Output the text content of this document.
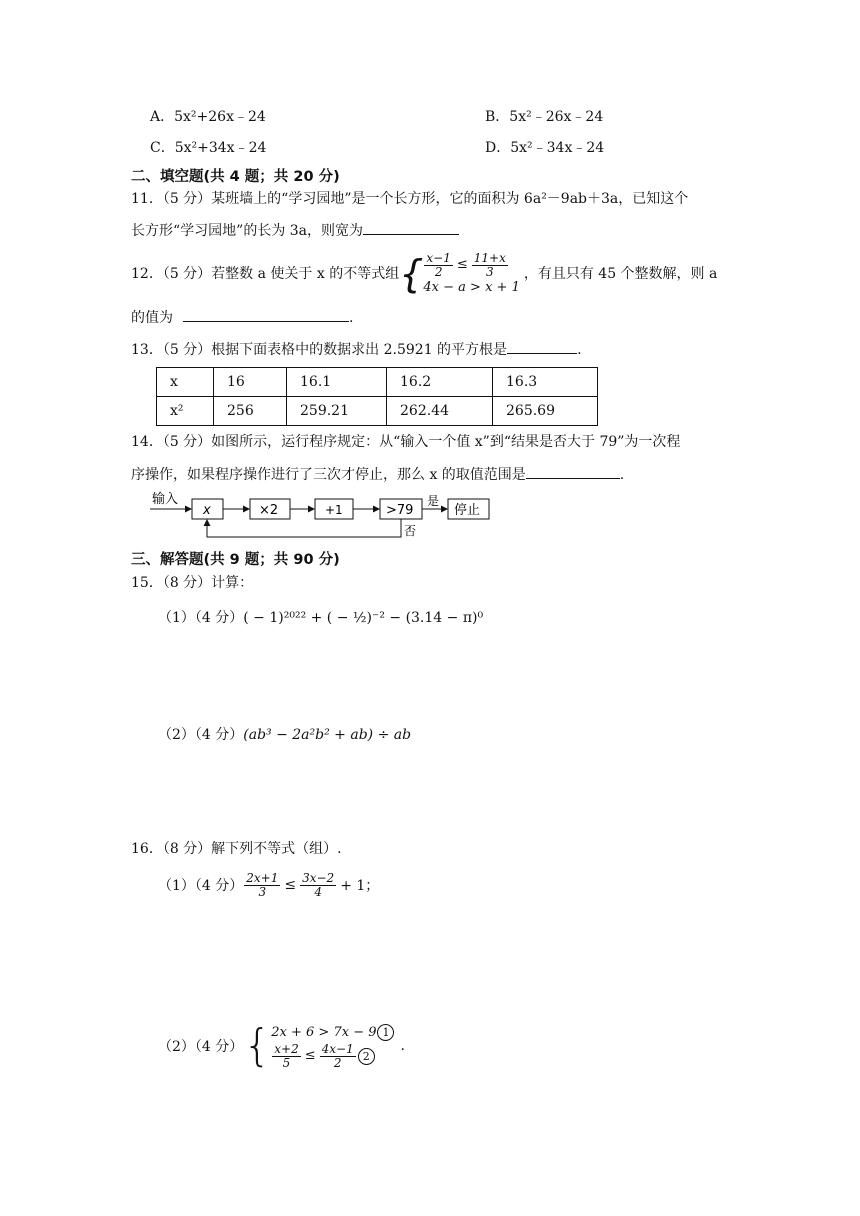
A．5x²+26x﹣24	B．5x²﹣26x﹣24
C．5x²+34x﹣24	D．5x²﹣34x﹣24
二、填空题(共 4 题；共 20 分)
11．（5 分）某班墙上的“学习园地”是一个长方形，它的面积为 6a²－9ab＋3a，已知这个
长方形“学习园地”的长为 3a，则宽为
12．（5 分）若整数 a 使关于 x 的不等式组 { $\frac{x-1}{2} \le \frac{11+x}{3}$
4x − a > x + 1
，有且只有 45 个整数解，则 a
的值为	.
13．（5 分）根据下面表格中的数据求出 2.5921 的平方根是	.
x	16	16.1	16.2	16.3
x²	256	259.21	262.44	265.69
14．（5 分）如图所示，运行程序规定：从“输入一个值 x”到“结果是否大于 79”为一次程
序操作，如果程序操作进行了三次才停止，那么 x 的取值范围是	.
输入
x	×2	+1	>79
是
停止
否
三、解答题(共 9 题；共 90 分)
15．（8 分）计算：
（1）（4 分）( − 1)²⁰²² + ( − ½)⁻² − (3.14 − π)⁰
（2）（4 分）(ab³ − 2a²b² + ab) ÷ ab
16．（8 分）解下列不等式（组）.
（1）（4 分） $\frac{2x+1}{3} \le \frac{3x-2}{4} + 1$；
（2）（4 分） { 2x + 6 > 7x − 9 1
$\frac{x+2}{5} \le \frac{4x-1}{2} 2$
.
